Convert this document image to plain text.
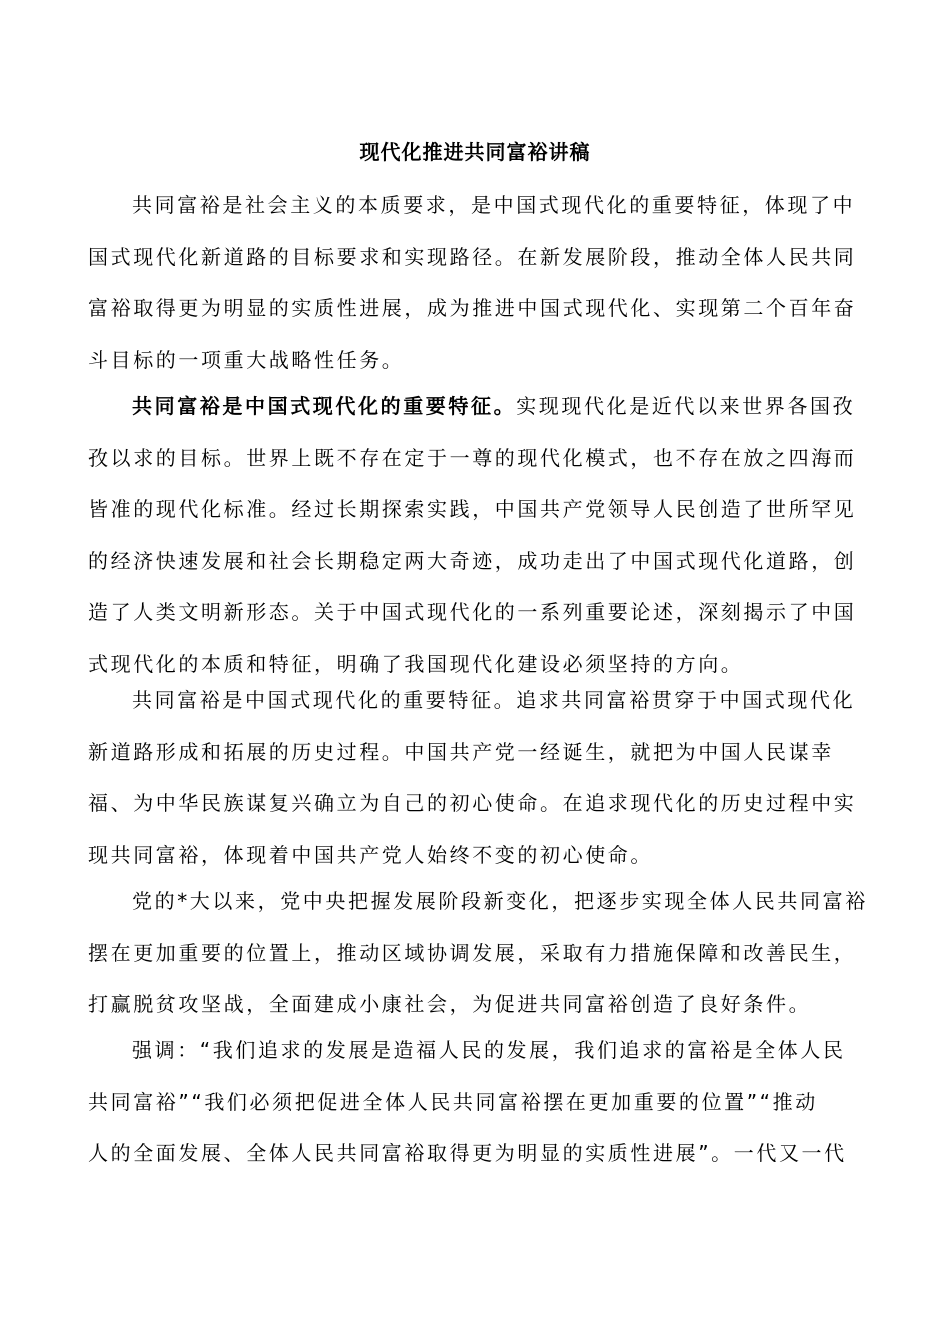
现代化推进共同富裕讲稿
共同富裕是社会主义的本质要求，是中国式现代化的重要特征，体现了中
国式现代化新道路的目标要求和实现路径。在新发展阶段，推动全体人民共同
富裕取得更为明显的实质性进展，成为推进中国式现代化、实现第二个百年奋
斗目标的一项重大战略性任务。
共同富裕是中国式现代化的重要特征。实现现代化是近代以来世界各国孜
孜以求的目标。世界上既不存在定于一尊的现代化模式，也不存在放之四海而
皆准的现代化标准。经过长期探索实践，中国共产党领导人民创造了世所罕见
的经济快速发展和社会长期稳定两大奇迹，成功走出了中国式现代化道路，创
造了人类文明新形态。关于中国式现代化的一系列重要论述，深刻揭示了中国
式现代化的本质和特征，明确了我国现代化建设必须坚持的方向。
共同富裕是中国式现代化的重要特征。追求共同富裕贯穿于中国式现代化
新道路形成和拓展的历史过程。中国共产党一经诞生，就把为中国人民谋幸
福、为中华民族谋复兴确立为自己的初心使命。在追求现代化的历史过程中实
现共同富裕，体现着中国共产党人始终不变的初心使命。
党的*大以来，党中央把握发展阶段新变化，把逐步实现全体人民共同富裕
摆在更加重要的位置上，推动区域协调发展，采取有力措施保障和改善民生，
打赢脱贫攻坚战，全面建成小康社会，为促进共同富裕创造了良好条件。
强调：“我们追求的发展是造福人民的发展，我们追求的富裕是全体人民
共同富裕”“我们必须把促进全体人民共同富裕摆在更加重要的位置”“推动
人的全面发展、全体人民共同富裕取得更为明显的实质性进展”。一代又一代
